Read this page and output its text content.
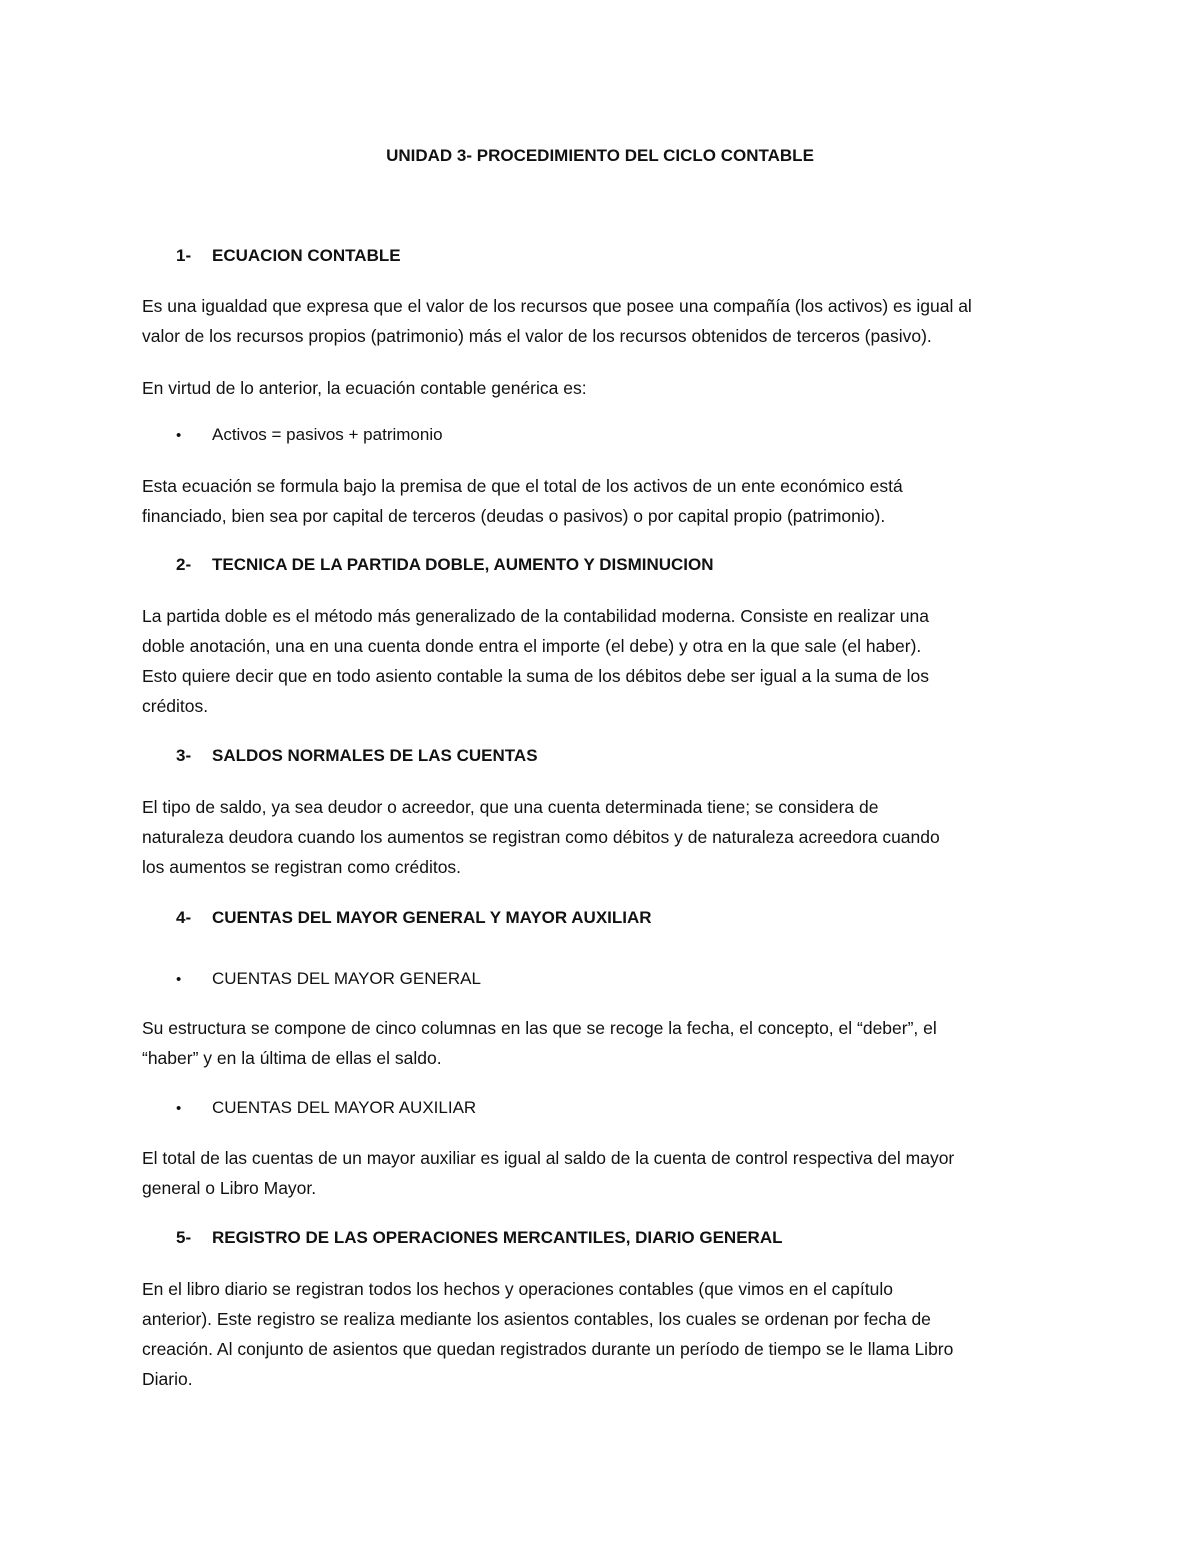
UNIDAD 3- PROCEDIMIENTO DEL CICLO CONTABLE
1- ECUACION CONTABLE
Es una igualdad que expresa que el valor de los recursos que posee una compañía (los activos) es igual al
valor de los recursos propios (patrimonio) más el valor de los recursos obtenidos de terceros (pasivo).
En virtud de lo anterior, la ecuación contable genérica es:
• Activos = pasivos + patrimonio
Esta ecuación se formula bajo la premisa de que el total de los activos de un ente económico está
financiado, bien sea por capital de terceros (deudas o pasivos) o por capital propio (patrimonio).
2- TECNICA DE LA PARTIDA DOBLE, AUMENTO Y DISMINUCION
La partida doble es el método más generalizado de la contabilidad moderna. Consiste en realizar una
doble anotación, una en una cuenta donde entra el importe (el debe) y otra en la que sale (el haber).
Esto quiere decir que en todo asiento contable la suma de los débitos debe ser igual a la suma de los
créditos.
3- SALDOS NORMALES DE LAS CUENTAS
El tipo de saldo, ya sea deudor o acreedor, que una cuenta determinada tiene; se considera de
naturaleza deudora cuando los aumentos se registran como débitos y de naturaleza acreedora cuando
los aumentos se registran como créditos.
4- CUENTAS DEL MAYOR GENERAL Y MAYOR AUXILIAR
• CUENTAS DEL MAYOR GENERAL
Su estructura se compone de cinco columnas en las que se recoge la fecha, el concepto, el “deber”, el
“haber” y en la última de ellas el saldo.
• CUENTAS DEL MAYOR AUXILIAR
El total de las cuentas de un mayor auxiliar es igual al saldo de la cuenta de control respectiva del mayor
general o Libro Mayor.
5- REGISTRO DE LAS OPERACIONES MERCANTILES, DIARIO GENERAL
En el libro diario se registran todos los hechos y operaciones contables (que vimos en el capítulo
anterior). Este registro se realiza mediante los asientos contables, los cuales se ordenan por fecha de
creación. Al conjunto de asientos que quedan registrados durante un período de tiempo se le llama Libro
Diario.
